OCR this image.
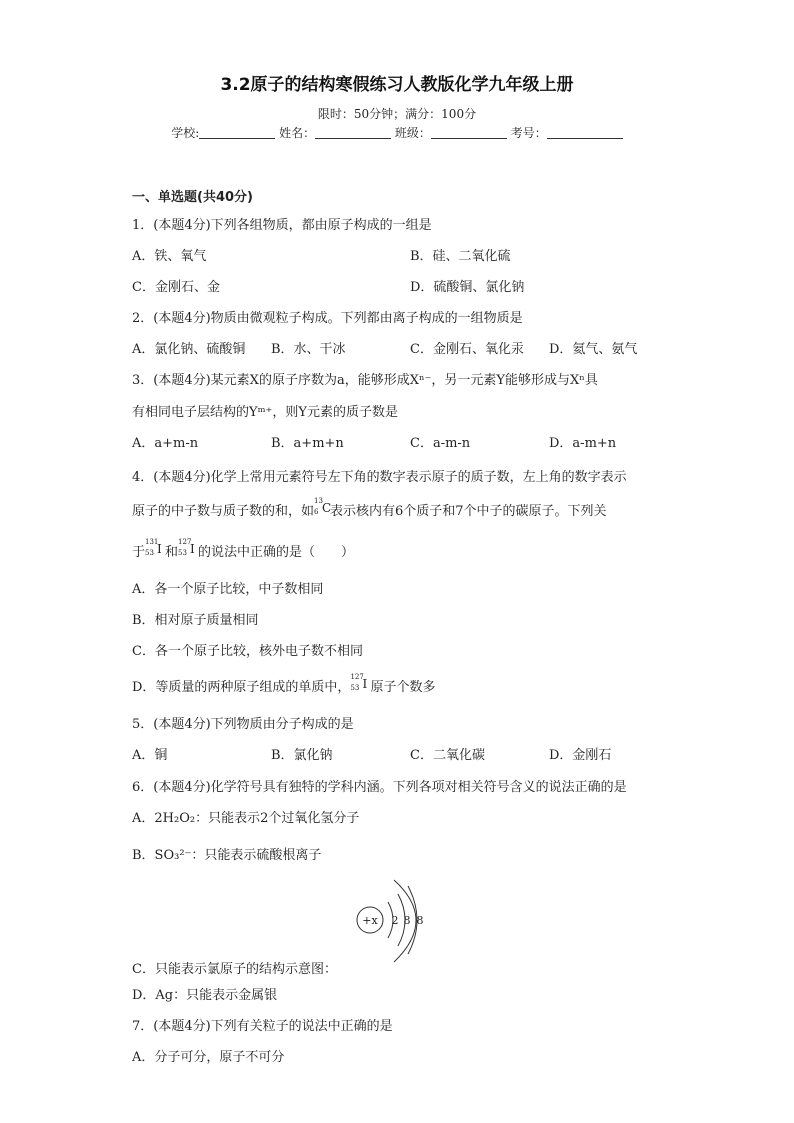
3.2原子的结构寒假练习人教版化学九年级上册
限时：50分钟；满分：100分
学校:	姓名：	班级：	考号：
一、单选题(共40分)
1．(本题4分)下列各组物质，都由原子构成的一组是
A．铁、氧气	B．硅、二氧化硫
C．金刚石、金	D．硫酸铜、氯化钠
2．(本题4分)物质由微观粒子构成。下列都由离子构成的一组物质是
A．氯化钠、硫酸铜 B．水、干冰	C．金刚石、氧化汞 D．氦气、氨气
3．(本题4分)某元素X的原子序数为a，能够形成Xⁿ⁻，另一元素Y能够形成与Xⁿ具
有相同电子层结构的Yᵐ⁺，则Y元素的质子数是
A．a+m-n	B．a+m+n	C．a-m-n	D．a-m+n
4．(本题4分)化学上常用元素符号左下角的数字表示原子的质子数，左上角的数字表示
原子的中子数与质子数的和，如
13
6 C
表示核内有6个质子和7个中子的碳原子。下列关
于
131
53 I 和
127
53 I 的说法中正确的是（　　）
A．各一个原子比较，中子数相同
B．相对原子质量相同
C．各一个原子比较，核外电子数不相同
D．等质量的两种原子组成的单质中，
127
53 I 原子个数多
5．(本题4分)下列物质由分子构成的是
A．铜	B．氯化钠	C．二氧化碳	D．金刚石
6．(本题4分)化学符号具有独特的学科内涵。下列各项对相关符号含义的说法正确的是
A．2H₂O₂：只能表示2个过氧化氢分子
B．SO₃²⁻：只能表示硫酸根离子
+x 2 8 8
C．只能表示氯原子的结构示意图：
D．Ag：只能表示金属银
7．(本题4分)下列有关粒子的说法中正确的是
A．分子可分，原子不可分
